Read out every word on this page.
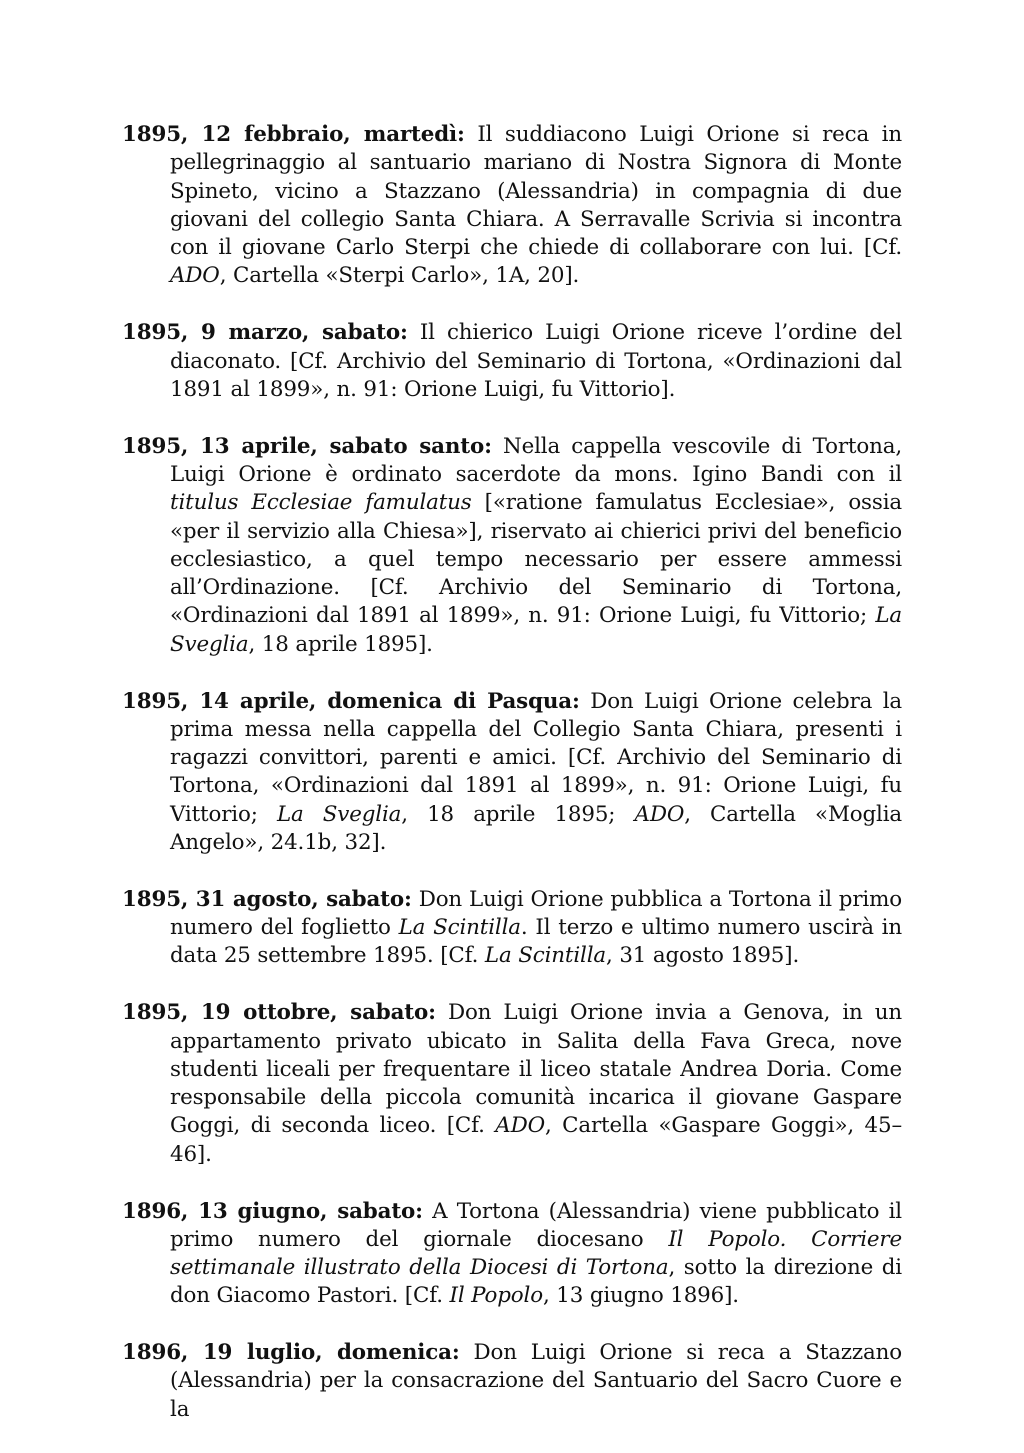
1895, 12 febbraio, martedì: Il suddiacono Luigi Orione si reca in pellegrinaggio al santuario mariano di Nostra Signora di Monte Spineto, vicino a Stazzano (Alessandria) in compagnia di due giovani del collegio Santa Chiara. A Serravalle Scrivia si incontra con il giovane Carlo Sterpi che chiede di collaborare con lui. [Cf. ADO, Cartella «Sterpi Carlo», 1A, 20].

1895, 9 marzo, sabato: Il chierico Luigi Orione riceve l’ordine del diaconato. [Cf. Archivio del Seminario di Tortona, «Ordinazioni dal 1891 al 1899», n. 91: Orione Luigi, fu Vittorio].

1895, 13 aprile, sabato santo: Nella cappella vescovile di Tortona, Luigi Orione è ordinato sacerdote da mons. Igino Bandi con il titulus Ecclesiae famulatus [«ratione famulatus Ecclesiae», ossia «per il servizio alla Chiesa»], riservato ai chierici privi del beneficio ecclesiastico, a quel tempo necessario per essere ammessi all’Ordinazione. [Cf. Archivio del Seminario di Tortona, «Ordinazioni dal 1891 al 1899», n. 91: Orione Luigi, fu Vittorio; La Sveglia, 18 aprile 1895].

1895, 14 aprile, domenica di Pasqua: Don Luigi Orione celebra la prima messa nella cappella del Collegio Santa Chiara, presenti i ragazzi convittori, parenti e amici. [Cf. Archivio del Seminario di Tortona, «Ordinazioni dal 1891 al 1899», n. 91: Orione Luigi, fu Vittorio; La Sveglia, 18 aprile 1895; ADO, Cartella «Moglia Angelo», 24.1b, 32].

1895, 31 agosto, sabato: Don Luigi Orione pubblica a Tortona il primo numero del foglietto La Scintilla. Il terzo e ultimo numero uscirà in data 25 settembre 1895. [Cf. La Scintilla, 31 agosto 1895].

1895, 19 ottobre, sabato: Don Luigi Orione invia a Genova, in un appartamento privato ubicato in Salita della Fava Greca, nove studenti liceali per frequentare il liceo statale Andrea Doria. Come responsabile della piccola comunità incarica il giovane Gaspare Goggi, di seconda liceo. [Cf. ADO, Cartella «Gaspare Goggi», 45–46].

1896, 13 giugno, sabato: A Tortona (Alessandria) viene pubblicato il primo numero del giornale diocesano Il Popolo. Corriere settimanale illustrato della Diocesi di Tortona, sotto la direzione di don Giacomo Pastori. [Cf. Il Popolo, 13 giugno 1896].

1896, 19 luglio, domenica: Don Luigi Orione si reca a Stazzano (Alessandria) per la consacrazione del Santuario del Sacro Cuore e la
